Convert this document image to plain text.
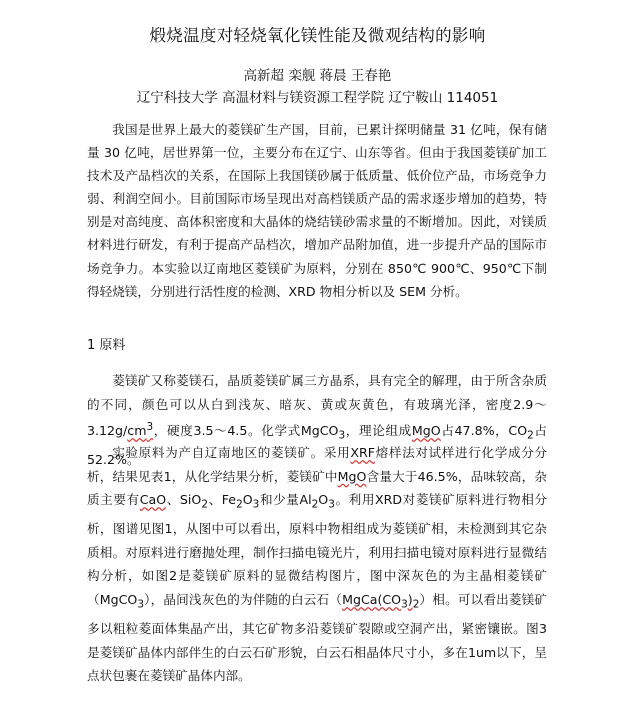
煅烧温度对轻烧氧化镁性能及微观结构的影响
高新超 栾舰 蒋晨 王春艳
辽宁科技大学 高温材料与镁资源工程学院 辽宁鞍山 114051

我国是世界上最大的菱镁矿生产国，目前，已累计探明储量 31 亿吨，保有储量 30 亿吨，居世界第一位，主要分布在辽宁、山东等省。但由于我国菱镁矿加工技术及产品档次的关系，在国际上我国镁砂属于低质量、低价位产品，市场竞争力弱、利润空间小。目前国际市场呈现出对高档镁质产品的需求逐步增加的趋势，特别是对高纯度、高体积密度和大晶体的烧结镁砂需求量的不断增加。因此，对镁质材料进行研发，有利于提高产品档次，增加产品附加值，进一步提升产品的国际市场竞争力。本实验以辽南地区菱镁矿为原料，分别在 850℃ 900℃、950℃下制得轻烧镁，分别进行活性度的检测、XRD 物相分析以及 SEM 分析。

1 原料

菱镁矿又称菱镁石，晶质菱镁矿属三方晶系，具有完全的解理，由于所含杂质的不同，颜色可以从白到浅灰、暗灰、黄或灰黄色，有玻璃光泽，密度$2.9\sim 3.12g/cm^3$，硬度3.5～4.5。化学式MgCO$_3$，理论组成MgO占47.8%，$CO_2$占52.2%。

实验原料为产自辽南地区的菱镁矿。采用XRF熔样法对试样进行化学成分分析，结果见表1，从化学结果分析，菱镁矿中MgO含量大于46.5%，品味较高，杂质主要有CaO、SiO$_2$、$Fe_2O_3$和少量$Al_2O_3$。利用XRD对菱镁矿原料进行物相分析，图谱见图1，从图中可以看出，原料中物相组成为菱镁矿相，未检测到其它杂质相。对原料进行磨抛处理，制作扫描电镜光片，利用扫描电镜对原料进行显微结构分析，如图2是菱镁矿原料的显微结构图片，图中深灰色的为主晶相菱镁矿（MgCO$_3$），晶间浅灰色的为伴随的白云石$(MgCa(CO_3)_2)$相。可以看出菱镁矿多以粗粒菱面体集晶产出，其它矿物多沿菱镁矿裂隙或空洞产出，紧密镶嵌。图3是菱镁矿晶体内部伴生的白云石矿形貌，白云石相晶体尺寸小，多在1um以下，呈点状包裹在菱镁矿晶体内部。
